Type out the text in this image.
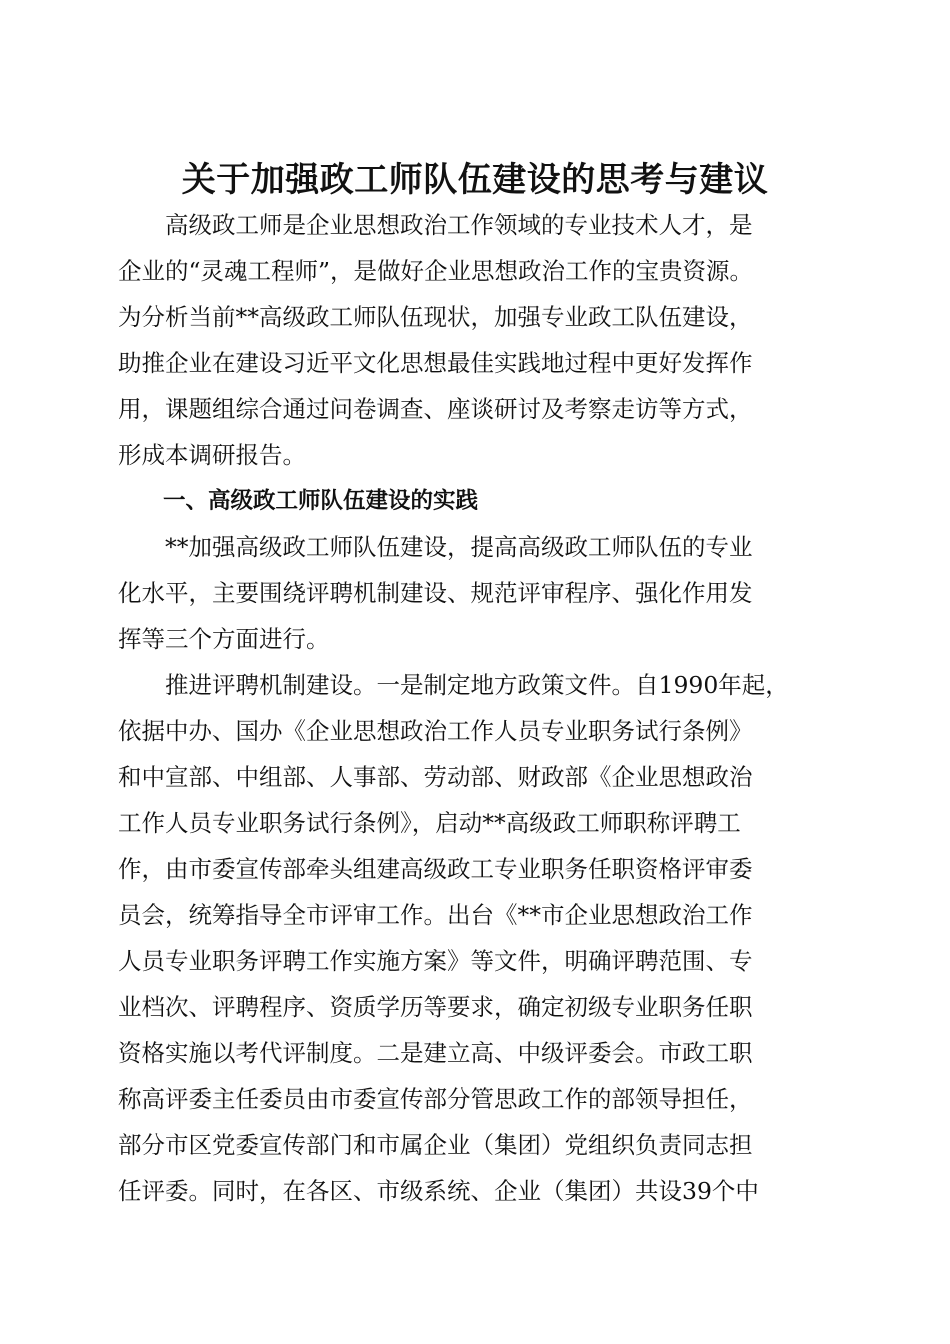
关于加强政工师队伍建设的思考与建议

　　高级政工师是企业思想政治工作领域的专业技术人才，是
企业的“灵魂工程师”，是做好企业思想政治工作的宝贵资源。
为分析当前**高级政工师队伍现状，加强专业政工队伍建设，
助推企业在建设习近平文化思想最佳实践地过程中更好发挥作
用，课题组综合通过问卷调查、座谈研讨及考察走访等方式，
形成本调研报告。

　　一、高级政工师队伍建设的实践

　　**加强高级政工师队伍建设，提高高级政工师队伍的专业
化水平，主要围绕评聘机制建设、规范评审程序、强化作用发
挥等三个方面进行。

　　推进评聘机制建设。一是制定地方政策文件。自1990年起，
依据中办、国办《企业思想政治工作人员专业职务试行条例》
和中宣部、中组部、人事部、劳动部、财政部《企业思想政治
工作人员专业职务试行条例》，启动**高级政工师职称评聘工
作，由市委宣传部牵头组建高级政工专业职务任职资格评审委
员会，统筹指导全市评审工作。出台《**市企业思想政治工作
人员专业职务评聘工作实施方案》等文件，明确评聘范围、专
业档次、评聘程序、资质学历等要求，确定初级专业职务任职
资格实施以考代评制度。二是建立高、中级评委会。市政工职
称高评委主任委员由市委宣传部分管思政工作的部领导担任，
部分市区党委宣传部门和市属企业（集团）党组织负责同志担
任评委。同时，在各区、市级系统、企业（集团）共设39个中
